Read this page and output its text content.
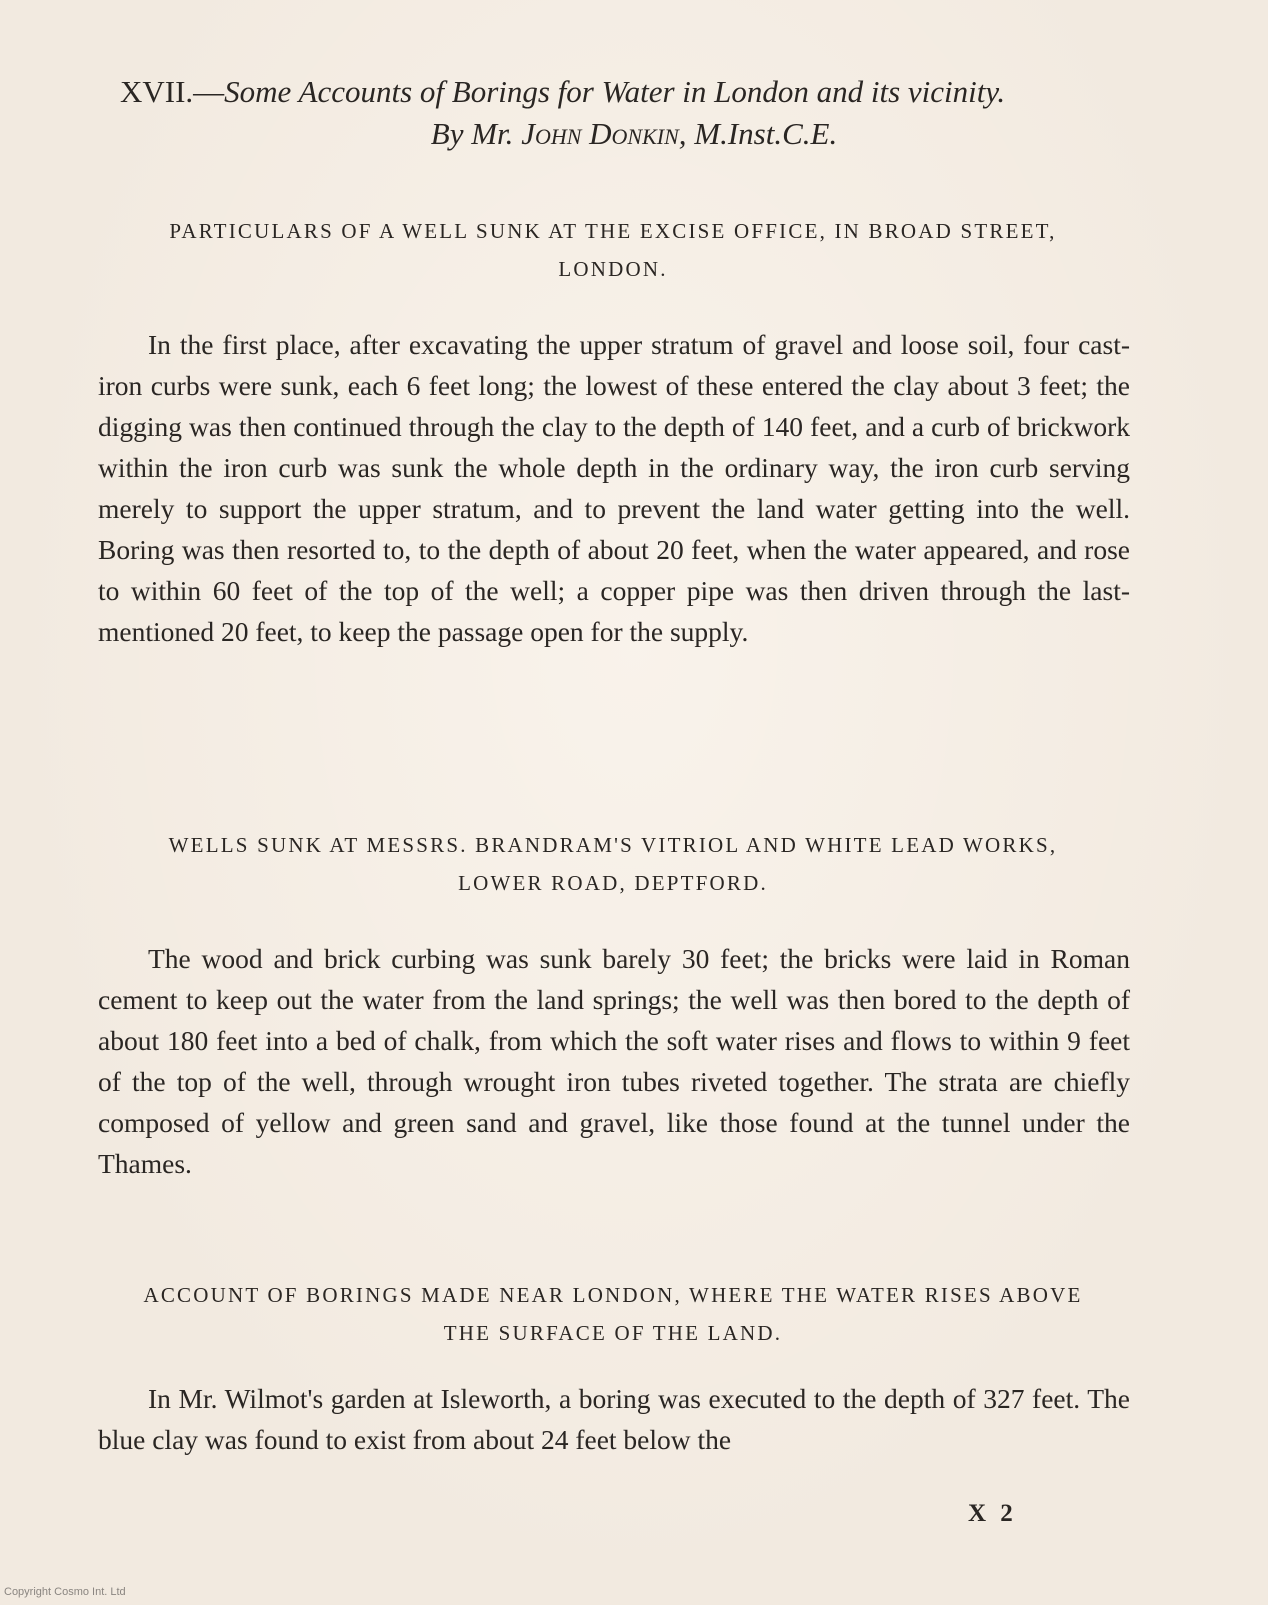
XVII.—Some Accounts of Borings for Water in London and its vicinity.
By Mr. John Donkin, M.Inst.C.E.
PARTICULARS OF A WELL SUNK AT THE EXCISE OFFICE, IN BROAD STREET,
LONDON.

In the first place, after excavating the upper stratum of gravel and loose soil, four cast-iron curbs were sunk, each 6 feet long; the lowest of these entered the clay about 3 feet; the digging was then continued through the clay to the depth of 140 feet, and a curb of brickwork within the iron curb was sunk the whole depth in the ordinary way, the iron curb serving merely to support the upper stratum, and to prevent the land water getting into the well. Boring was then resorted to, to the depth of about 20 feet, when the water appeared, and rose to within 60 feet of the top of the well; a copper pipe was then driven through the last-mentioned 20 feet, to keep the passage open for the supply.

WELLS SUNK AT MESSRS. BRANDRAM'S VITRIOL AND WHITE LEAD WORKS,
LOWER ROAD, DEPTFORD.

The wood and brick curbing was sunk barely 30 feet; the bricks were laid in Roman cement to keep out the water from the land springs; the well was then bored to the depth of about 180 feet into a bed of chalk, from which the soft water rises and flows to within 9 feet of the top of the well, through wrought iron tubes riveted together. The strata are chiefly composed of yellow and green sand and gravel, like those found at the tunnel under the Thames.

ACCOUNT OF BORINGS MADE NEAR LONDON, WHERE THE WATER RISES ABOVE
THE SURFACE OF THE LAND.

In Mr. Wilmot's garden at Isleworth, a boring was executed to the depth of 327 feet. The blue clay was found to exist from about 24 feet below the

X 2
Copyright Cosmo Int. Ltd
